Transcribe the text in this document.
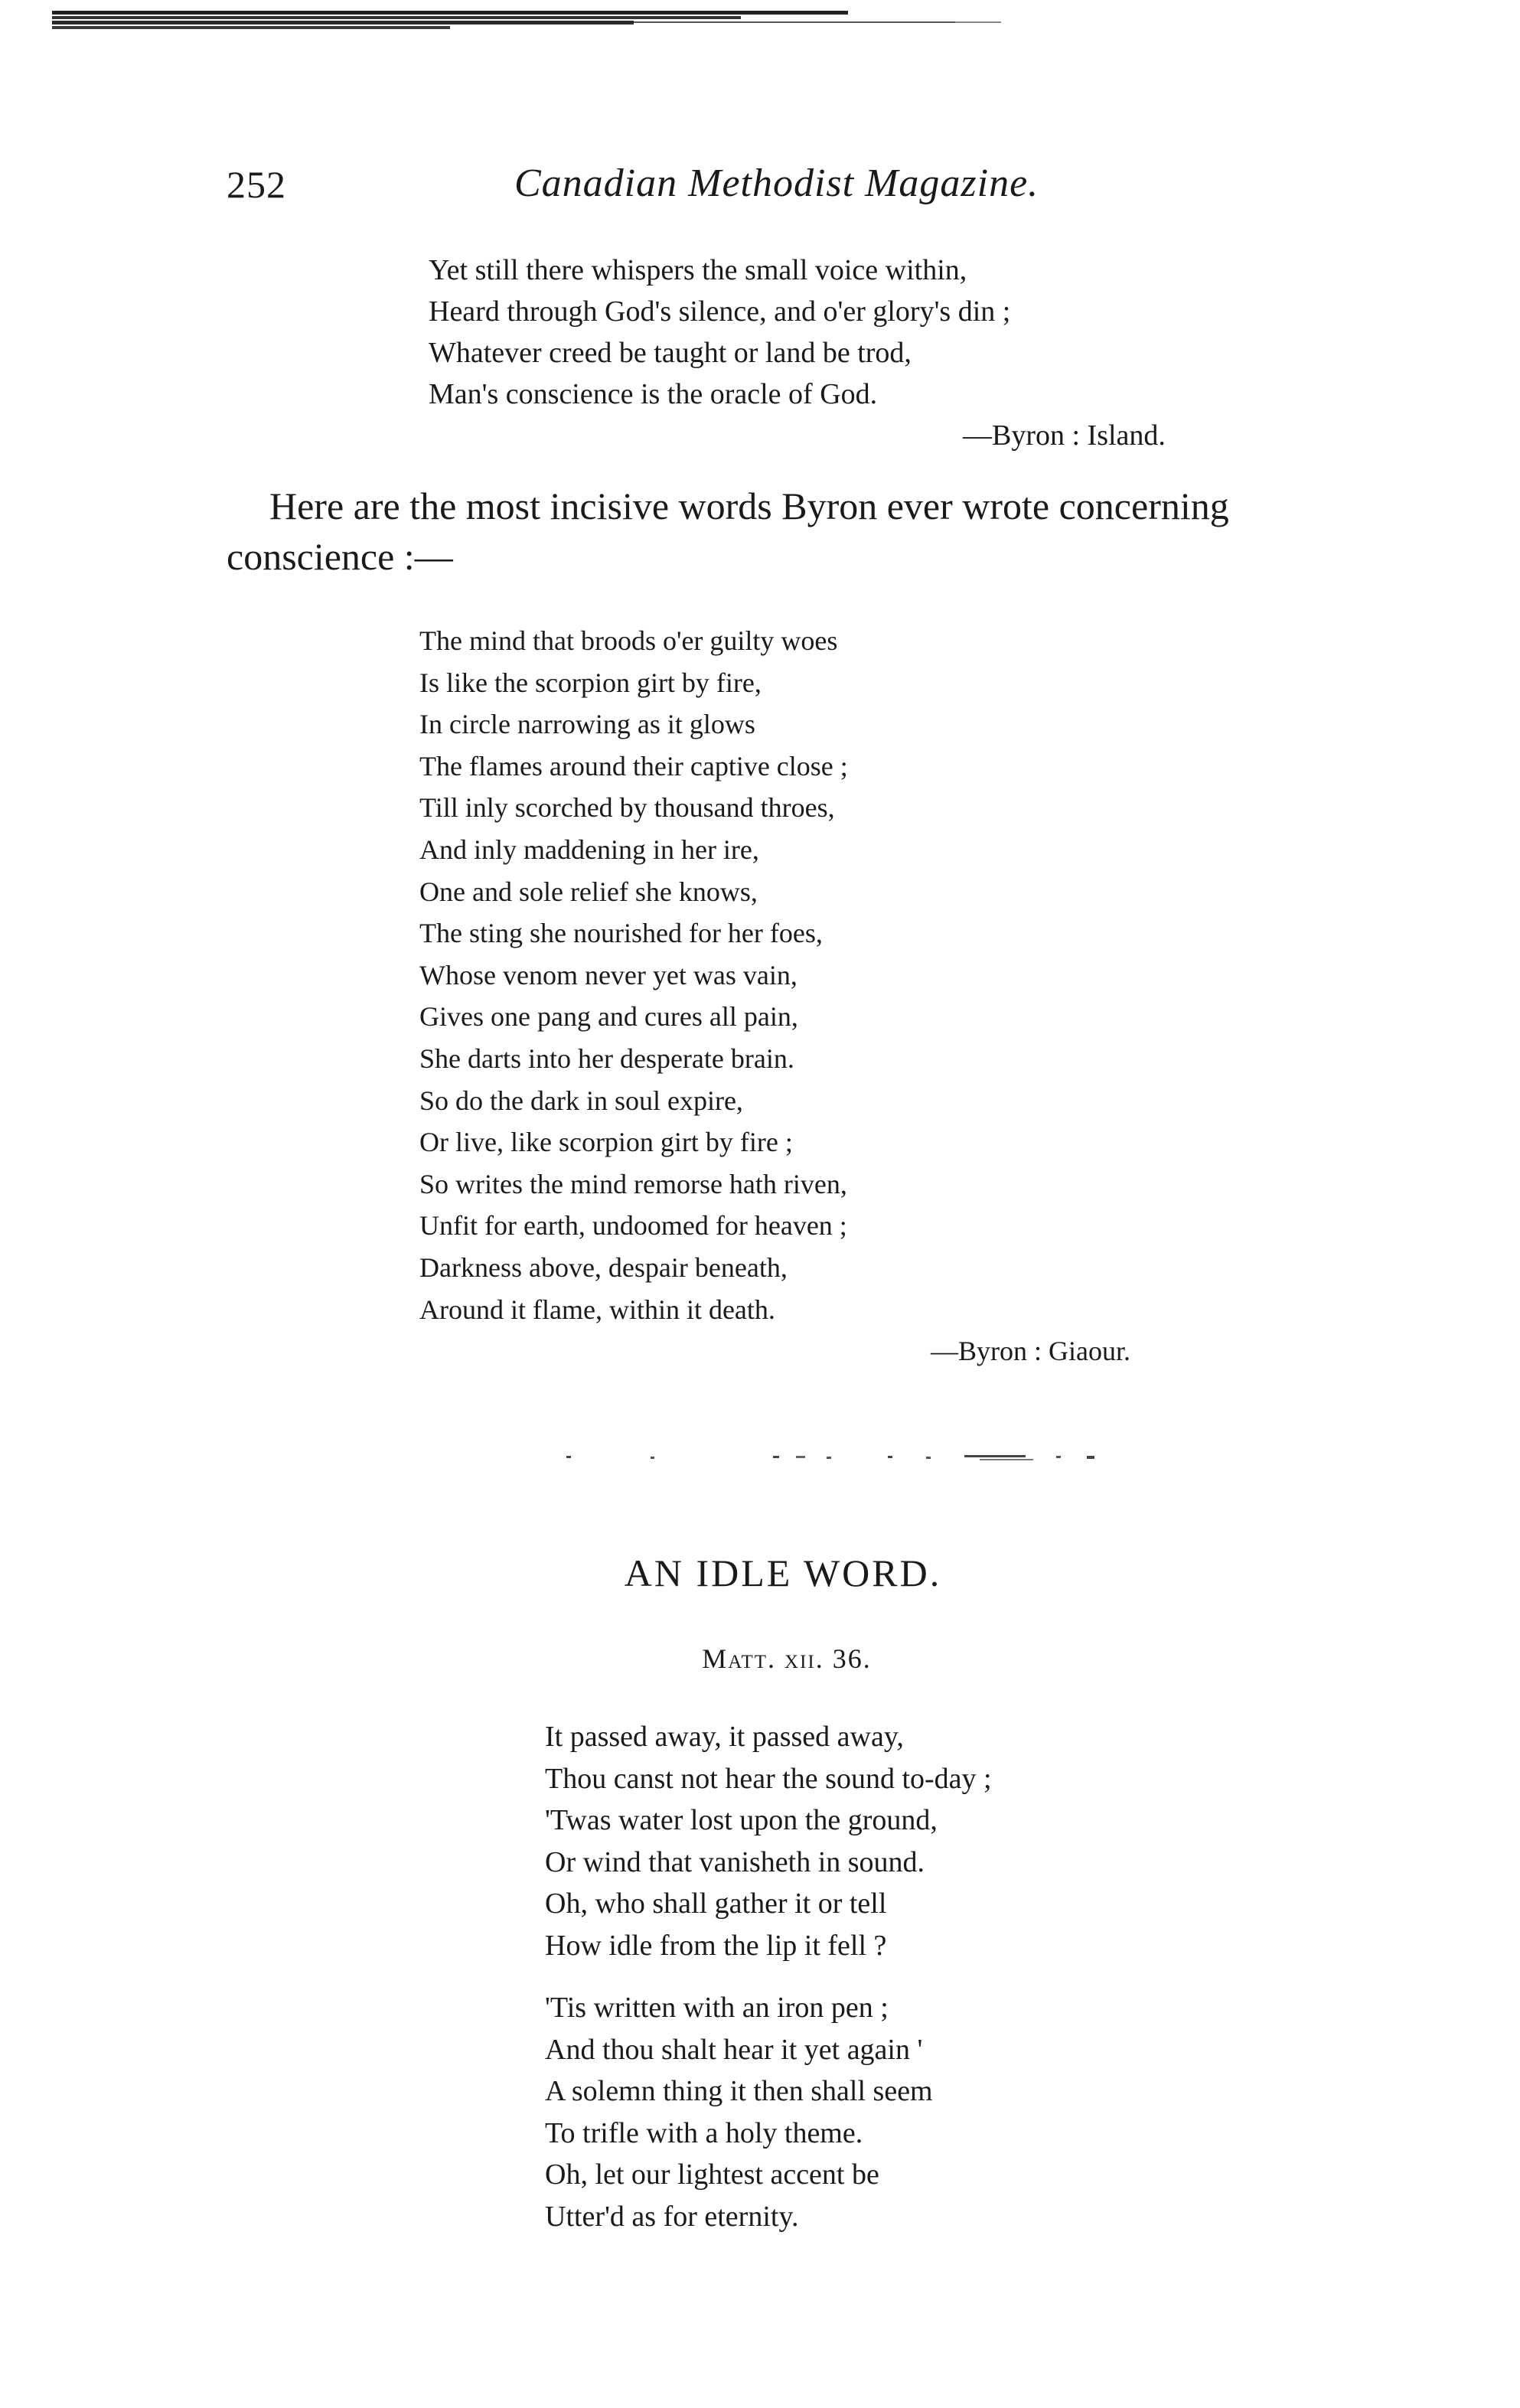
252	Canadian Methodist Magazine.
Yet still there whispers the small voice within,
Heard through God's silence, and o'er glory's din ;
Whatever creed be taught or land be trod,
Man's conscience is the oracle of God.
—Byron : Island.

Here are the most incisive words Byron ever wrote concerning
conscience :—

The mind that broods o'er guilty woes
Is like the scorpion girt by fire,
In circle narrowing as it glows
The flames around their captive close ;
Till inly scorched by thousand throes,
And inly maddening in her ire,
One and sole relief she knows,
The sting she nourished for her foes,
Whose venom never yet was vain,
Gives one pang and cures all pain,
She darts into her desperate brain.
So do the dark in soul expire,
Or live, like scorpion girt by fire ;
So writes the mind remorse hath riven,
Unfit for earth, undoomed for heaven ;
Darkness above, despair beneath,
Around it flame, within it death.
—Byron : Giaour.
AN IDLE WORD.
Matt. xii. 36.
It passed away, it passed away,
Thou canst not hear the sound to-day ;
'Twas water lost upon the ground,
Or wind that vanisheth in sound.
Oh, who shall gather it or tell
How idle from the lip it fell ?
'Tis written with an iron pen ;
And thou shalt hear it yet again '
A solemn thing it then shall seem
To trifle with a holy theme.
Oh, let our lightest accent be
Utter'd as for eternity.
